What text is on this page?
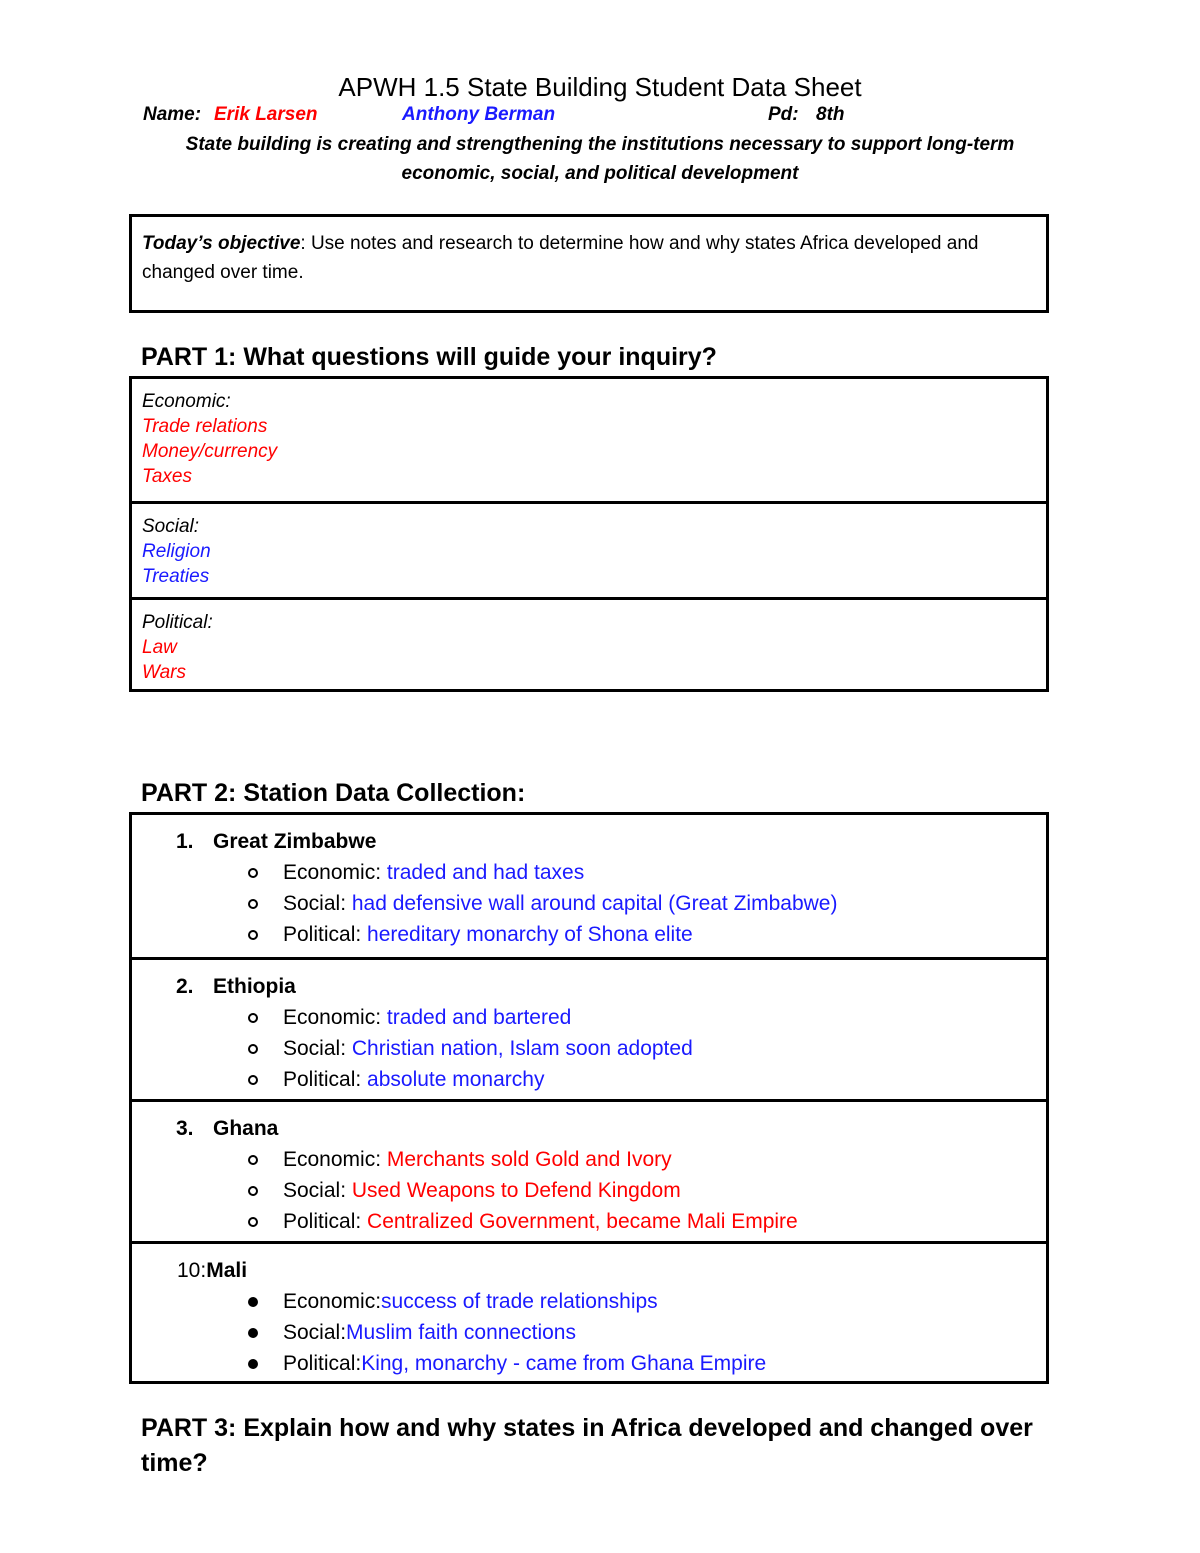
APWH 1.5 State Building Student Data Sheet
Name: Erik Larsen	Anthony Berman	Pd: 8th
State building is creating and strengthening the institutions necessary to support long-term economic, social, and political development
Today’s objective: Use notes and research to determine how and why states Africa developed and changed over time.
PART 1: What questions will guide your inquiry?
Economic:
Trade relations
Money/currency
Taxes
Social:
Religion
Treaties
Political:
Law
Wars
PART 2: Station Data Collection:
1. Great Zimbabwe
Economic: traded and had taxes
Social: had defensive wall around capital (Great Zimbabwe)
Political: hereditary monarchy of Shona elite
2. Ethiopia
Economic: traded and bartered
Social: Christian nation, Islam soon adopted
Political: absolute monarchy
3. Ghana
Economic: Merchants sold Gold and Ivory
Social: Used Weapons to Defend Kingdom
Political: Centralized Government, became Mali Empire
10:Mali
Economic:success of trade relationships
Social:Muslim faith connections
Political:King, monarchy - came from Ghana Empire
PART 3: Explain how and why states in Africa developed and changed over time?
